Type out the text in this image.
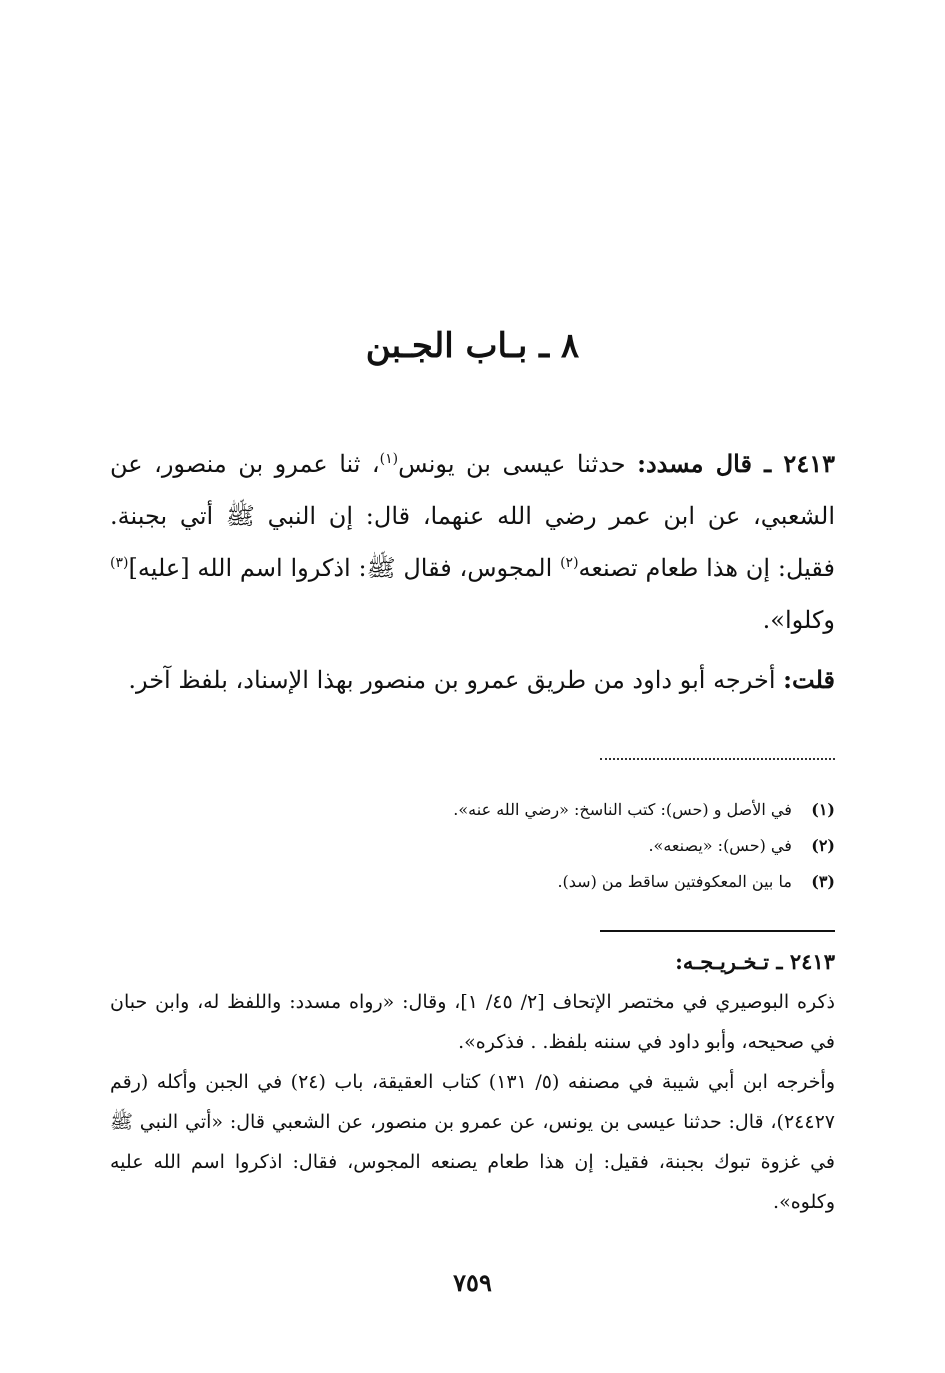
٨ ـ بـاب الجـبن

٢٤١٣ ـ قال مسدد: حدثنا عيسى بن يونس$^{(١)}$، ثنا عمرو بن منصور، عن الشعبي، عن ابن عمر رضي الله عنهما، قال: إن النبي ﷺ أتي بجبنة. فقيل: إن هذا طعام تصنعه$^{(٢)}$ المجوس، فقال ﷺ: اذكروا اسم الله [عليه]$^{(٣)}$ وكلوا».

قلت: أخرجه أبو داود من طريق عمرو بن منصور بهذا الإسناد، بلفظ آخر.

(١) في الأصل و (حس): كتب الناسخ: «رضي الله عنه».
(٢) في (حس): «يصنعه».
(٣) ما بين المعكوفتين ساقط من (سد).

٢٤١٣ ـ تـخـريـجـه:

ذكره البوصيري في مختصر الإتحاف [٢/ ٤٥/ ١]، وقال: «رواه مسدد: واللفظ له، وابن حبان في صحيحه، وأبو داود في سننه بلفظ. . فذكره».

وأخرجه ابن أبي شيبة في مصنفه (٥/ ١٣١) كتاب العقيقة، باب (٢٤) في الجبن وأكله (رقم ٢٤٤٢٧)، قال: حدثنا عيسى بن يونس، عن عمرو بن منصور، عن الشعبي قال: «أتي النبي ﷺ في غزوة تبوك بجبنة، فقيل: إن هذا طعام يصنعه المجوس، فقال: اذكروا اسم الله عليه وكلوه».

٧٥٩
